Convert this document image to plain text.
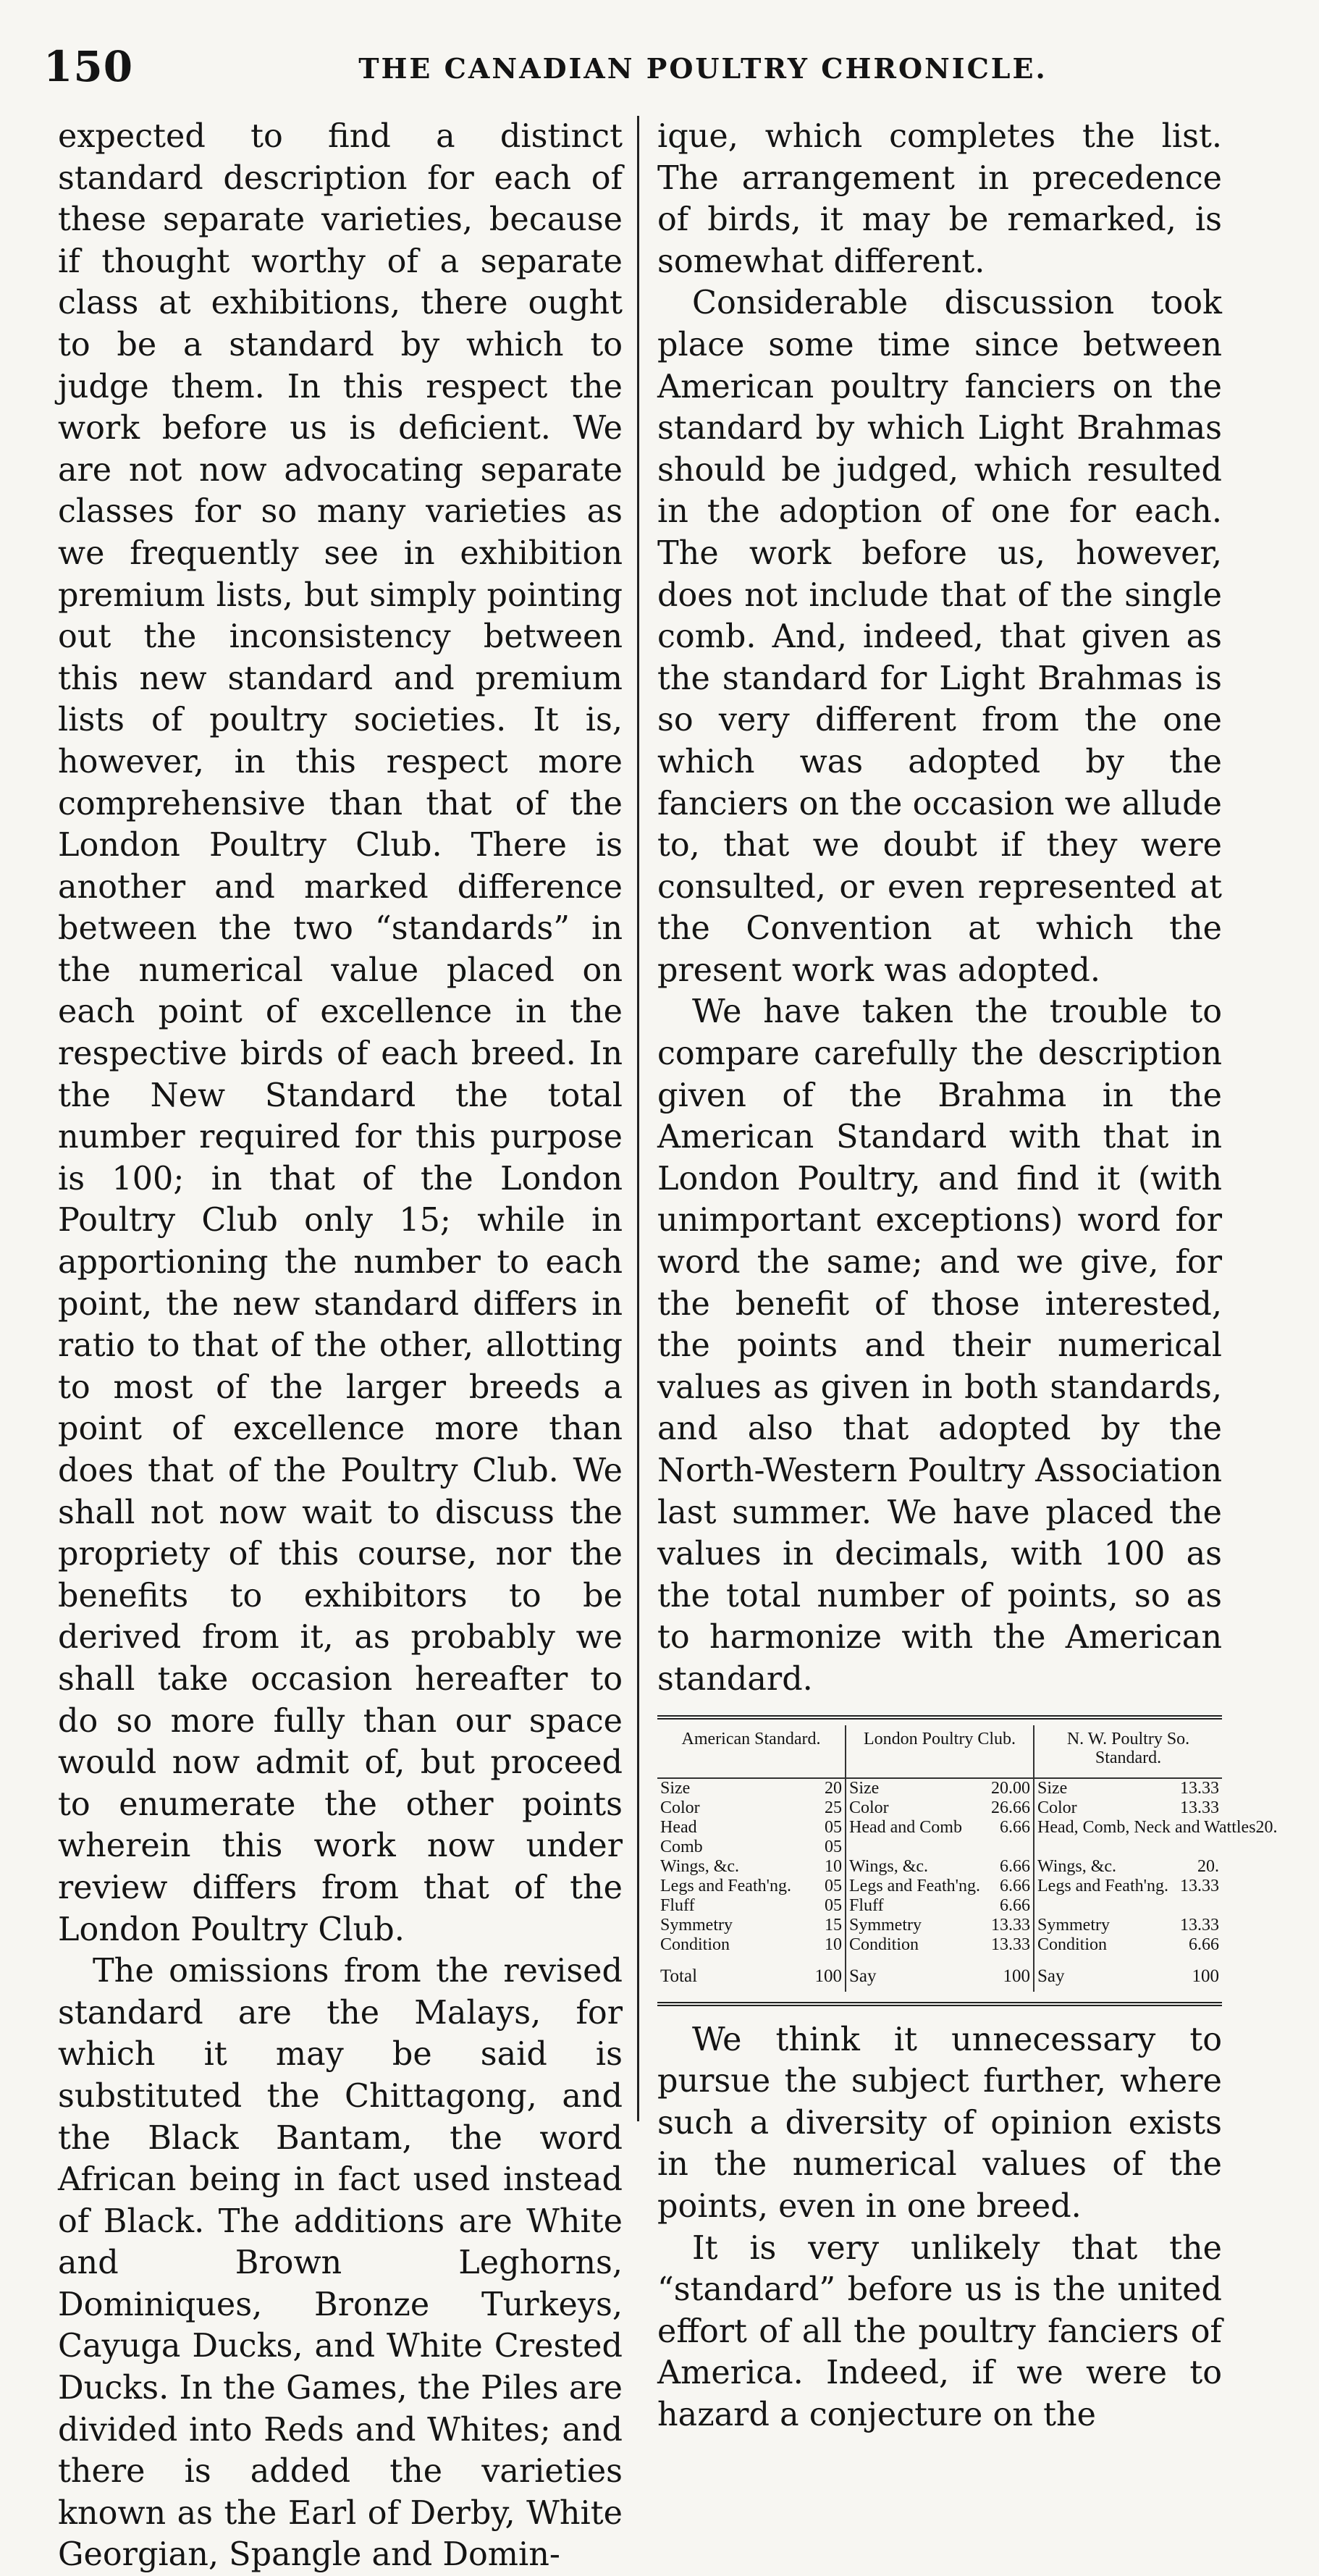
150	THE CANADIAN POULTRY CHRONICLE.

expected to find a distinct standard description for each of these separate varieties, because if thought worthy of a separate class at exhibitions, there ought to be a standard by which to judge them. In this respect the work before us is deficient. We are not now advocating separate classes for so many varieties as we frequently see in exhibition premium lists, but simply pointing out the inconsistency between this new standard and premium lists of poultry societies. It is, however, in this respect more comprehensive than that of the London Poultry Club. There is another and marked difference between the two “standards” in the numerical value placed on each point of excellence in the respective birds of each breed. In the New Standard the total number required for this purpose is 100; in that of the London Poultry Club only 15; while in apportioning the number to each point, the new standard differs in ratio to that of the other, allotting to most of the larger breeds a point of excellence more than does that of the Poultry Club. We shall not now wait to discuss the propriety of this course, nor the benefits to exhibitors to be derived from it, as probably we shall take occasion hereafter to do so more fully than our space would now admit of, but proceed to enumerate the other points wherein this work now under review differs from that of the London Poultry Club.

The omissions from the revised standard are the Malays, for which it may be said is substituted the Chittagong, and the Black Bantam, the word African being in fact used instead of Black. The additions are White and Brown Leghorns, Dominiques, Bronze Turkeys, Cayuga Ducks, and White Crested Ducks. In the Games, the Piles are divided into Reds and Whites; and there is added the varieties known as the Earl of Derby, White Georgian, Spangle and Domin-

ique, which completes the list. The arrangement in precedence of birds, it may be remarked, is somewhat different.

Considerable discussion took place some time since between American poultry fanciers on the standard by which Light Brahmas should be judged, which resulted in the adoption of one for each. The work before us, however, does not include that of the single comb. And, indeed, that given as the standard for Light Brahmas is so very different from the one which was adopted by the fanciers on the occasion we allude to, that we doubt if they were consulted, or even represented at the Convention at which the present work was adopted.

We have taken the trouble to compare carefully the description given of the Brahma in the American Standard with that in London Poultry, and find it (with unimportant exceptions) word for word the same; and we give, for the benefit of those interested, the points and their numerical values as given in both standards, and also that adopted by the North-Western Poultry Association last summer. We have placed the values in decimals, with 100 as the total number of points, so as to harmonize with the American standard.

American Standard.	London Poultry Club.	N. W. Poultry So. Standard.

Size 20	Size 20.00	Size 13.33

Color 25	Color 26.66	Color 13.33

Head 05	Head and Comb 6.66	Head, Comb, Neck and Wattles 20.

Comb 05		

Wings, &c. 10	Wings, &c. 6.66	Wings, &c. 20.

Legs and Feath'ng. 05	Legs and Feath'ng. 6.66	Legs and Feath'ng. 13.33

Fluff 05	Fluff 6.66	

Symmetry 15	Symmetry 13.33	Symmetry 13.33

Condition 10	Condition 13.33	Condition 6.66

Total 100	Say 100	Say 100

We think it unnecessary to pursue the subject further, where such a diversity of opinion exists in the numerical values of the points, even in one breed.

It is very unlikely that the “standard” before us is the united effort of all the poultry fanciers of America. Indeed, if we were to hazard a conjecture on the
